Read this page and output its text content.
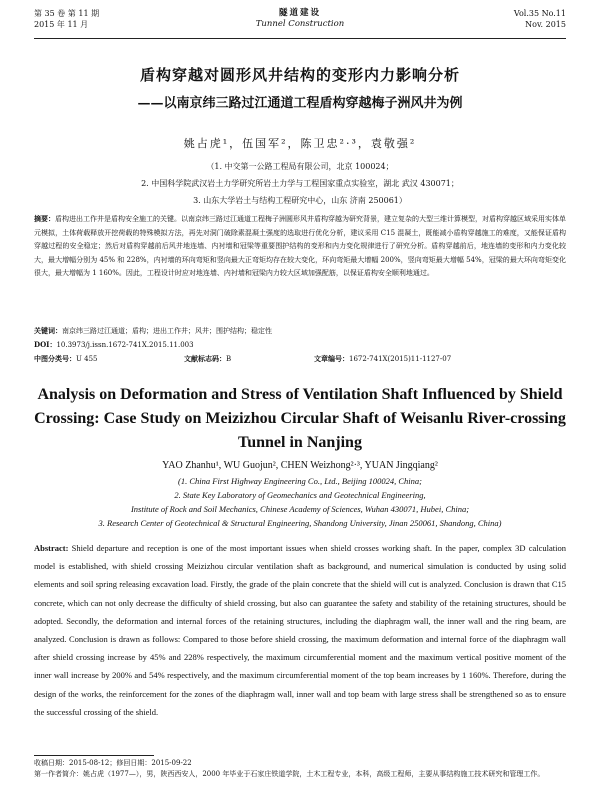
第 35 卷 第 11 期
2015 年 11 月
隧道建设
Tunnel Construction
Vol.35 No.11
Nov. 2015
盾构穿越对圆形风井结构的变形内力影响分析
——以南京纬三路过江通道工程盾构穿越梅子洲风井为例
姚占虎¹，伍国军²，陈卫忠²·³，袁敬强²
（1. 中交第一公路工程局有限公司，北京 100024；
2. 中国科学院武汉岩土力学研究所岩土力学与工程国家重点实验室，湖北 武汉 430071；
3. 山东大学岩土与结构工程研究中心，山东 济南 250061）
摘要：盾构进出工作井是盾构安全施工的关键。以南京纬三路过江通道工程梅子洲圆形风井盾构穿越为研究背景，建立复杂的大型三维计算模型，对盾构穿越区域采用实体单元模拟，土体荷载释放开挖荷载的特殊模拟方法，再先对洞门破除素混凝土强度的选取进行优化分析，建议采用 C15 混凝土，既能减小盾构穿越施工的难度，又能保证盾构穿越过程的安全稳定；然后对盾构穿越前后风井地连墙、内衬墙和冠梁等重要围护结构的变形和内力变化规律进行了研究分析。盾构穿越前后，地连墙的变形和内力变化较大，最大增幅分别为 45% 和 228%，内衬墙的环向弯矩和竖向最大正弯矩均存在较大变化，环向弯矩最大增幅 200%，竖向弯矩最大增幅 54%，冠梁的最大环向弯矩变化很大，最大增幅为 1 160%。因此，工程设计时应对地连墙、内衬墙和冠梁内力较大区域加强配筋，以保证盾构安全顺利地通过。
关键词：南京纬三路过江通道；盾构；进出工作井；风井；围护结构；稳定性
DOI：10.3973/j.issn.1672-741X.2015.11.003
中图分类号：U 455	文献标志码：B	文章编号：1672-741X(2015)11-1127-07
Analysis on Deformation and Stress of Ventilation Shaft Influenced by Shield Crossing: Case Study on Meizizhou Circular Shaft of Weisanlu River-crossing Tunnel in Nanjing
YAO Zhanhu¹, WU Guojun², CHEN Weizhong²·³, YUAN Jingqiang²
(1. China First Highway Engineering Co., Ltd., Beijing 100024, China;
2. State Key Laboratory of Geomechanics and Geotechnical Engineering,
Institute of Rock and Soil Mechanics, Chinese Academy of Sciences, Wuhan 430071, Hubei, China;
3. Research Center of Geotechnical & Structural Engineering, Shandong University, Jinan 250061, Shandong, China)
Abstract: Shield departure and reception is one of the most important issues when shield crosses working shaft. In the paper, complex 3D calculation model is established, with shield crossing Meizizhou circular ventilation shaft as background, and numerical simulation is conducted by using solid elements and soil spring releasing excavation load. Firstly, the grade of the plain concrete that the shield will cut is analyzed. Conclusion is drawn that C15 concrete, which can not only decrease the difficulty of shield crossing, but also can guarantee the safety and stability of the retaining structures, should be adopted. Secondly, the deformation and internal forces of the retaining structures, including the diaphragm wall, the inner wall and the ring beam, are analyzed. Conclusion is drawn as follows: Compared to those before shield crossing, the maximum deformation and internal force of the diaphragm wall after shield crossing increase by 45% and 228% respectively, the maximum circumferential moment and the maximum vertical positive moment of the inner wall increase by 200% and 54% respectively, and the maximum circumferential moment of the top beam increases by 1 160%. Therefore, during the design of the works, the reinforcement for the zones of the diaphragm wall, inner wall and top beam with large stress shall be strengthened so as to ensure the successful crossing of the shield.
收稿日期：2015-08-12；修回日期：2015-09-22
第一作者简介：姚占虎（1977—），男，陕西西安人，2000 年毕业于石家庄铁道学院，土木工程专业，本科，高级工程师，主要从事结构施工技术研究和管理工作。
